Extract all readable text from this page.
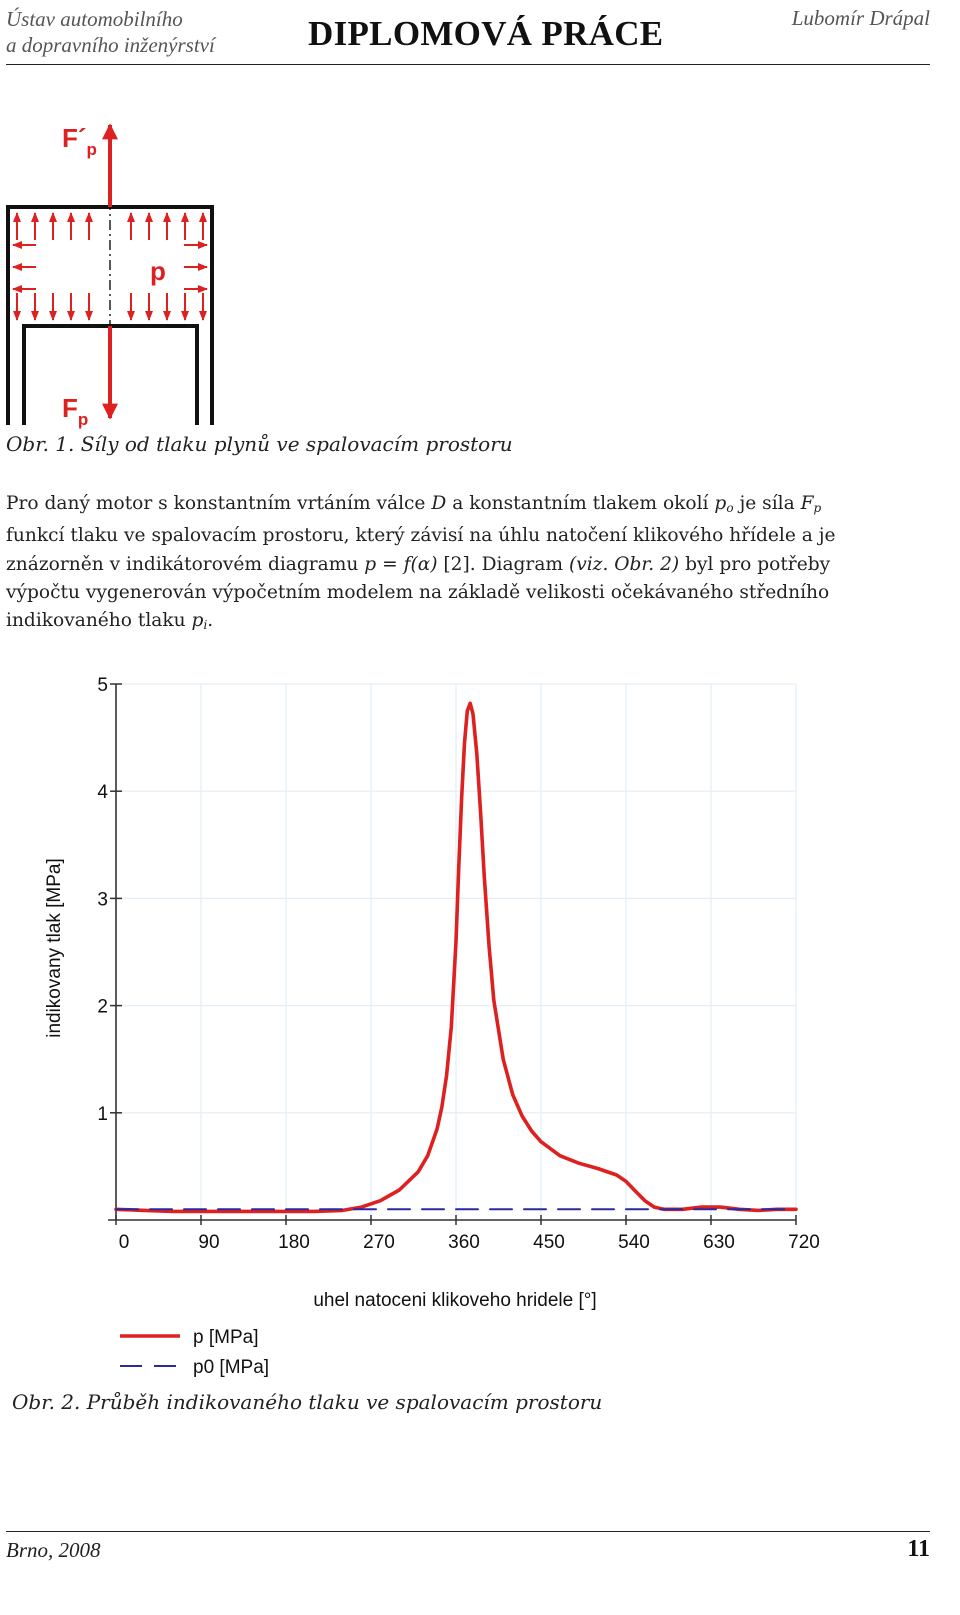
Ústav automobilního
a dopravního inženýrství	DIPLOMOVÁ PRÁCE	Lubomír Drápal
$F´_p$
p
$F_p$
Obr. 1. Síly od tlaku plynů ve spalovacím prostoru
Pro daný motor s konstantním vrtáním válce D a konstantním tlakem okolí $p_o$ je síla $F_p$
funkcí tlaku ve spalovacím prostoru, který závisí na úhlu natočení klikového hřídele a je
znázorněn v indikátorovém diagramu p = f(α) [2]. Diagram (viz. Obr. 2) byl pro potřeby
výpočtu vygenerován výpočetním modelem na základě velikosti očekávaného středního
indikovaného tlaku $p_i$.
0	90	180	270	360	450	540	630	720
1
2
3
4
5
indikovany tlak [MPa]
uhel natoceni klikoveho hridele [°]
p [MPa]
p0 [MPa]
Obr. 2. Průběh indikovaného tlaku ve spalovacím prostoru
Brno, 2008	11
